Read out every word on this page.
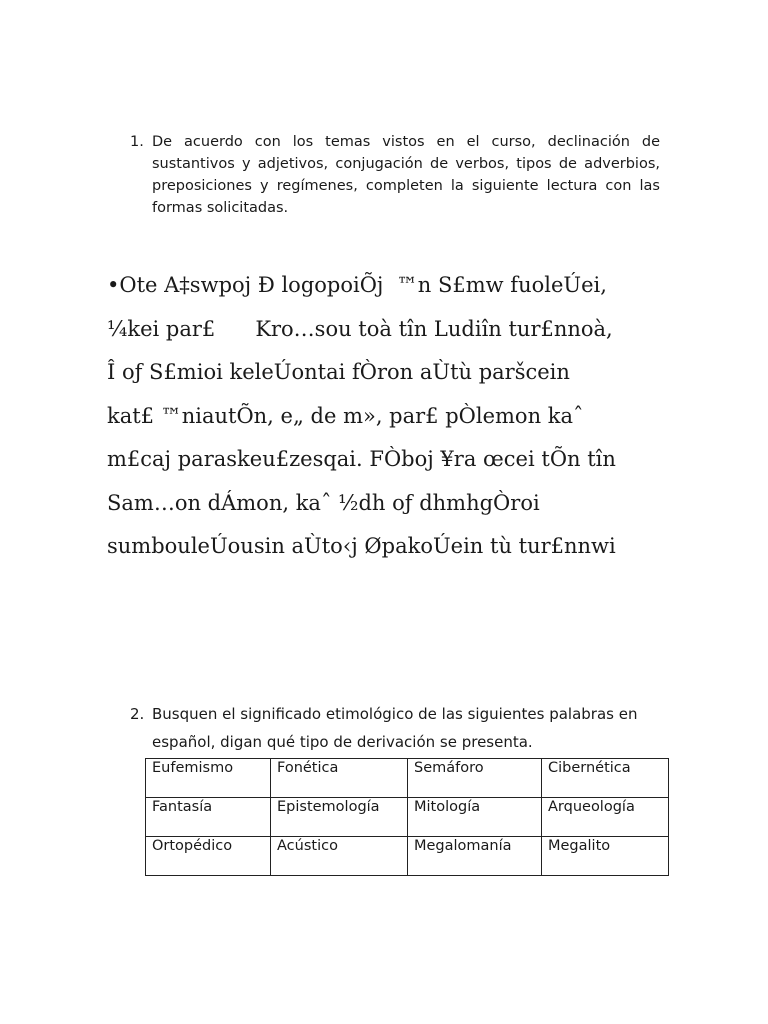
1. De acuerdo con los temas vistos en el curso, declinación de sustantivos y adjetivos, conjugación de verbos, tipos de adverbios, preposiciones y regímenes, completen la siguiente lectura con las formas solicitadas.
•Ote A‡swpoj Ð logopoiÕj  ™n S£mw fuoleÚei,
¼kei par£      Kro…sou toà tîn Ludiîn tur£nnoà,
Î oƒ S£mioi keleÚontai fÒron aÙtù paršcein
kat£ ™niautÕn, e„ de m», par£ pÒlemon kaˆ
m£caj paraskeu£zesqai. FÒboj ¥ra œcei tÕn tîn
Sam…on dÁmon, kaˆ ½dh oƒ dhmhgÒroi
sumbouleÚousin aÙto‹j ØpakoÚein tù tur£nnwi
2. Busquen el significado etimológico de las siguientes palabras en español, digan qué tipo de derivación se presenta.
Eufemismo	Fonética	Semáforo	Cibernética
Fantasía	Epistemología	Mitología	Arqueología
Ortopédico	Acústico	Megalomanía	Megalito
